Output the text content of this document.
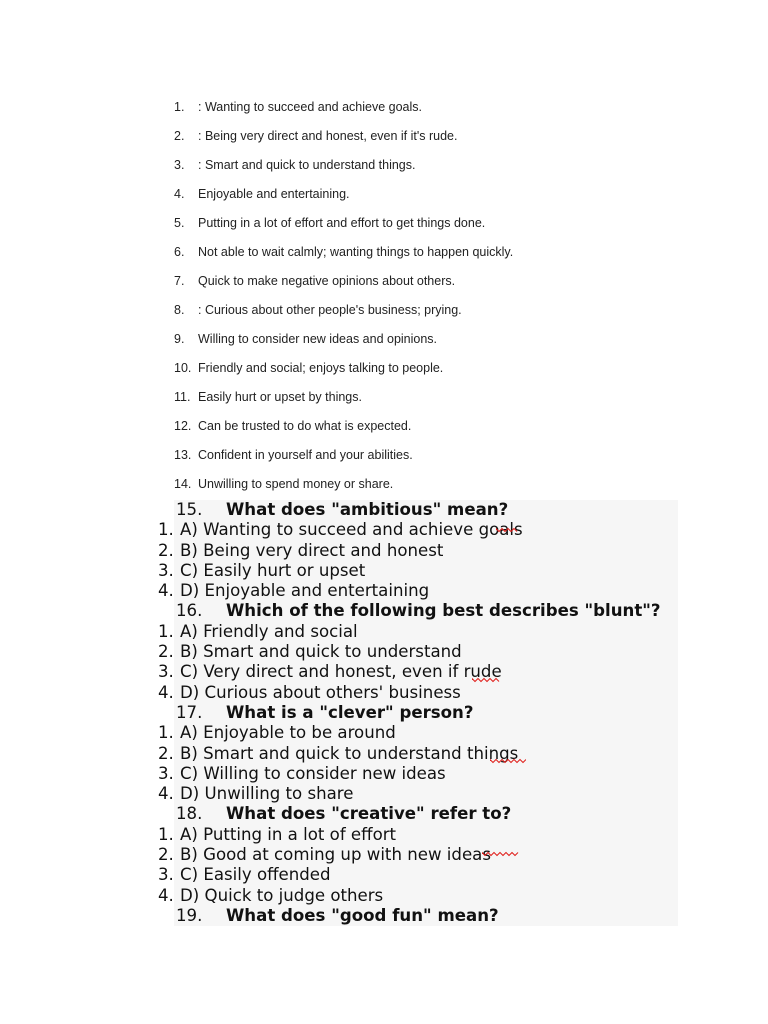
1.	: Wanting to succeed and achieve goals.
2.	: Being very direct and honest, even if it's rude.
3.	: Smart and quick to understand things.
4.	Enjoyable and entertaining.
5.	Putting in a lot of effort and effort to get things done.
6.	Not able to wait calmly; wanting things to happen quickly.
7.	Quick to make negative opinions about others.
8.	: Curious about other people's business; prying.
9.	Willing to consider new ideas and opinions.
10. Friendly and social; enjoys talking to people.
11. Easily hurt or upset by things.
12. Can be trusted to do what is expected.
13. Confident in yourself and your abilities.
14. Unwilling to spend money or share.
15. What does "ambitious" mean?
1. A) Wanting to succeed and achieve goals
2. B) Being very direct and honest
3. C) Easily hurt or upset
4. D) Enjoyable and entertaining
16. Which of the following best describes "blunt"?
1. A) Friendly and social
2. B) Smart and quick to understand
3. C) Very direct and honest, even if rude
4. D) Curious about others' business
17. What is a "clever" person?
1. A) Enjoyable to be around
2. B) Smart and quick to understand things
3. C) Willing to consider new ideas
4. D) Unwilling to share
18. What does "creative" refer to?
1. A) Putting in a lot of effort
2. B) Good at coming up with new ideas
3. C) Easily offended
4. D) Quick to judge others
19. What does "good fun" mean?
